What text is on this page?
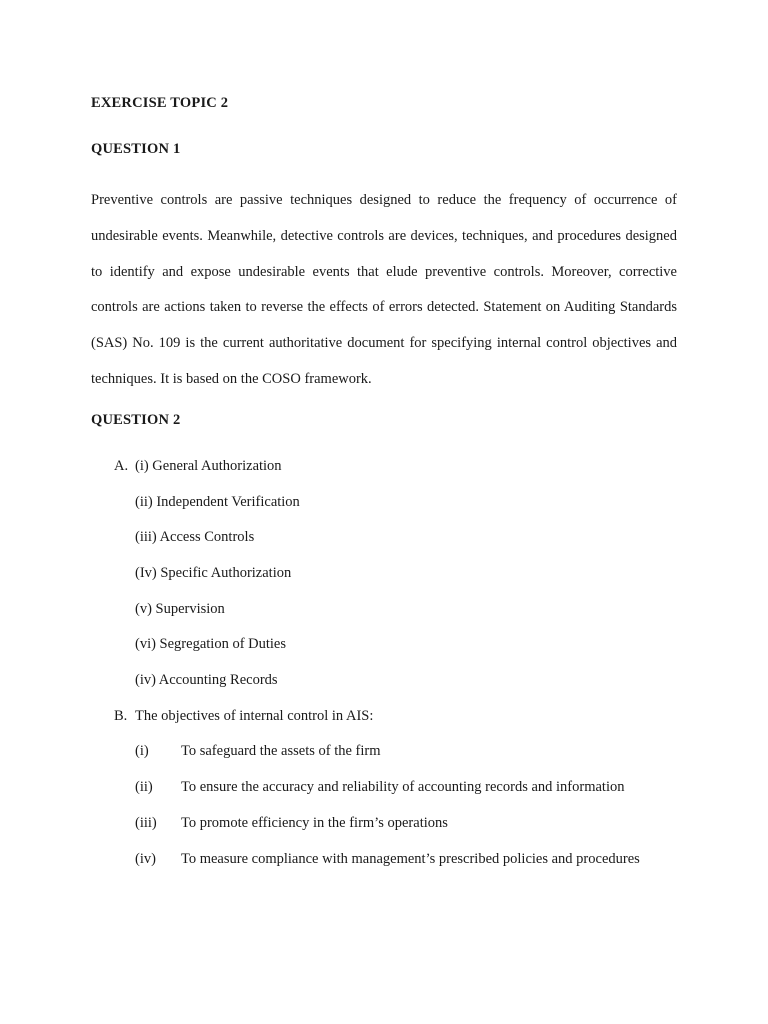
EXERCISE TOPIC 2
QUESTION 1
Preventive controls are passive techniques designed to reduce the frequency of occurrence of undesirable events. Meanwhile, detective controls are devices, techniques, and procedures designed to identify and expose undesirable events that elude preventive controls. Moreover, corrective controls are actions taken to reverse the effects of errors detected. Statement on Auditing Standards (SAS) No. 109 is the current authoritative document for specifying internal control objectives and techniques. It is based on the COSO framework.
QUESTION 2
A. (i) General Authorization
(ii) Independent Verification
(iii) Access Controls
(Iv) Specific Authorization
(v) Supervision
(vi) Segregation of Duties
(iv) Accounting Records
B. The objectives of internal control in AIS:
(i) To safeguard the assets of the firm
(ii) To ensure the accuracy and reliability of accounting records and information
(iii) To promote efficiency in the firm’s operations
(iv) To measure compliance with management’s prescribed policies and procedures
